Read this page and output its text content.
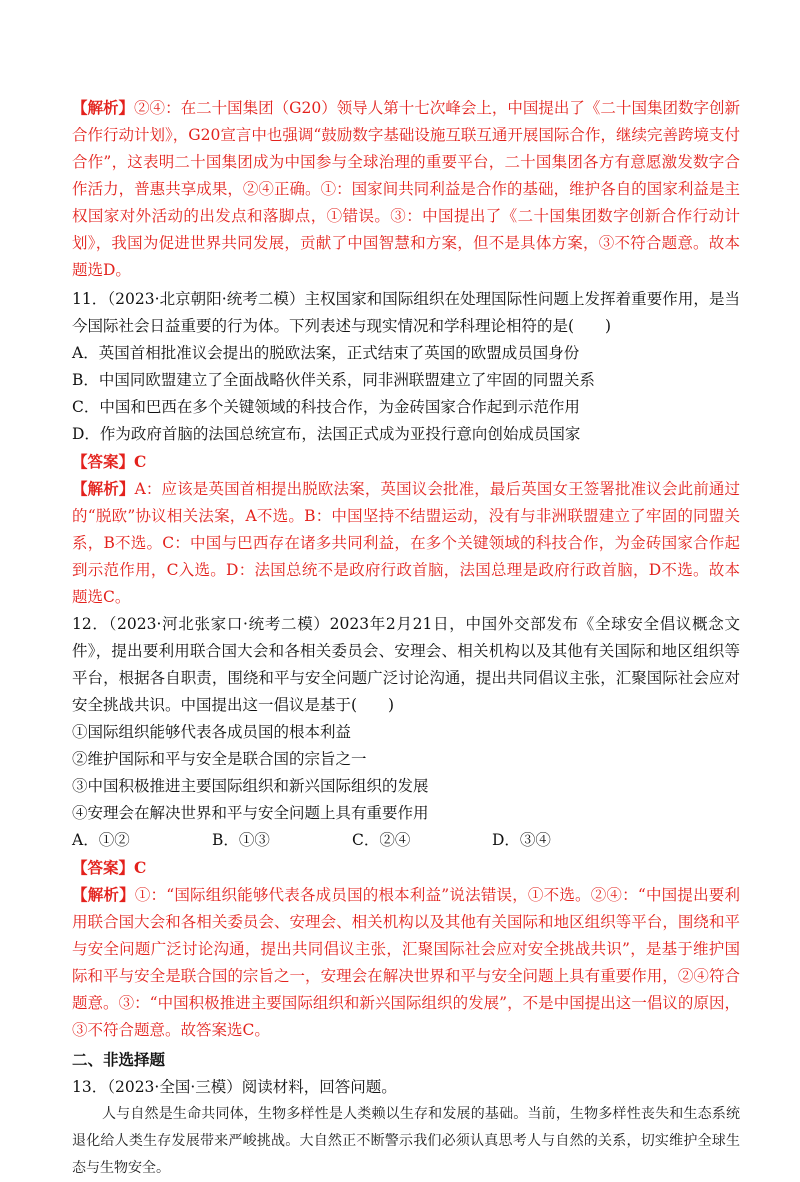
【解析】②④：在二十国集团（G20）领导人第十七次峰会上，中国提出了《二十国集团数字创新合作行动计划》，G20宣言中也强调“鼓励数字基础设施互联互通开展国际合作，继续完善跨境支付合作”，这表明二十国集团成为中国参与全球治理的重要平台，二十国集团各方有意愿激发数字合作活力，普惠共享成果，②④正确。①：国家间共同利益是合作的基础，维护各自的国家利益是主权国家对外活动的出发点和落脚点，①错误。③：中国提出了《二十国集团数字创新合作行动计划》，我国为促进世界共同发展，贡献了中国智慧和方案，但不是具体方案，③不符合题意。故本题选D。

11．（2023·北京朝阳·统考二模）主权国家和国际组织在处理国际性问题上发挥着重要作用，是当今国际社会日益重要的行为体。下列表述与现实情况和学科理论相符的是(　　)

A．英国首相批准议会提出的脱欧法案，正式结束了英国的欧盟成员国身份

B．中国同欧盟建立了全面战略伙伴关系，同非洲联盟建立了牢固的同盟关系

C．中国和巴西在多个关键领域的科技合作，为金砖国家合作起到示范作用

D．作为政府首脑的法国总统宣布，法国正式成为亚投行意向创始成员国家

【答案】C

【解析】A：应该是英国首相提出脱欧法案，英国议会批准，最后英国女王签署批准议会此前通过的“脱欧”协议相关法案，A不选。B：中国坚持不结盟运动，没有与非洲联盟建立了牢固的同盟关系，B不选。C：中国与巴西存在诸多共同利益，在多个关键领域的科技合作，为金砖国家合作起到示范作用，C入选。D：法国总统不是政府行政首脑，法国总理是政府行政首脑，D不选。故本题选C。

12．（2023·河北张家口·统考二模）2023年2月21日，中国外交部发布《全球安全倡议概念文件》，提出要利用联合国大会和各相关委员会、安理会、相关机构以及其他有关国际和地区组织等平台，根据各自职责，围绕和平与安全问题广泛讨论沟通，提出共同倡议主张，汇聚国际社会应对安全挑战共识。中国提出这一倡议是基于(　　)

①国际组织能够代表各成员国的根本利益

②维护国际和平与安全是联合国的宗旨之一

③中国积极推进主要国际组织和新兴国际组织的发展

④安理会在解决世界和平与安全问题上具有重要作用

A．①②	B．①③	C．②④	D．③④

【答案】C

【解析】①：“国际组织能够代表各成员国的根本利益”说法错误，①不选。②④：“中国提出要利用联合国大会和各相关委员会、安理会、相关机构以及其他有关国际和地区组织等平台，围绕和平与安全问题广泛讨论沟通，提出共同倡议主张，汇聚国际社会应对安全挑战共识”，是基于维护国际和平与安全是联合国的宗旨之一，安理会在解决世界和平与安全问题上具有重要作用，②④符合题意。③：“中国积极推进主要国际组织和新兴国际组织的发展”，不是中国提出这一倡议的原因，③不符合题意。故答案选C。

二、非选择题

13．（2023·全国·三模）阅读材料，回答问题。

人与自然是生命共同体，生物多样性是人类赖以生存和发展的基础。当前，生物多样性丧失和生态系统退化给人类生存发展带来严峻挑战。大自然正不断警示我们必须认真思考人与自然的关系，切实维护全球生态与生物安全。
